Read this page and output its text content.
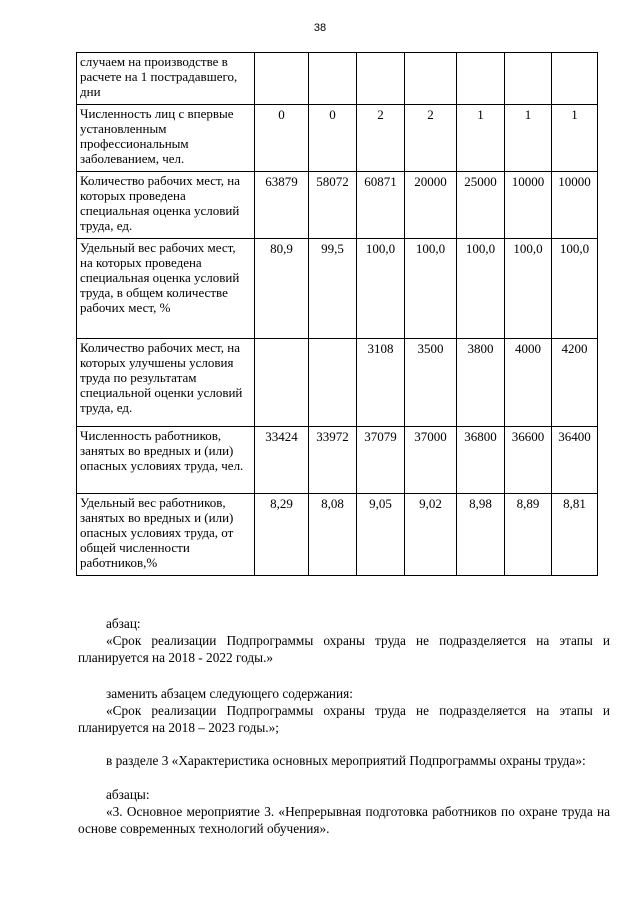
38
случаем на производстве в расчете на 1 пострадавшего, дни							
Численность лиц с впервые установленным профессиональным заболеванием, чел.	0	0	2	2	1	1	1
Количество рабочих мест, на которых проведена специальная оценка условий труда, ед.	63879	58072	60871	20000	25000	10000	10000
Удельный вес рабочих мест, на которых проведена специальная оценка условий труда, в общем количестве рабочих мест, %	80,9	99,5	100,0	100,0	100,0	100,0	100,0
Количество рабочих мест, на которых улучшены условия труда по результатам специальной оценки условий труда, ед.			3108	3500	3800	4000	4200
Численность работников, занятых во вредных и (или) опасных условиях труда, чел.	33424	33972	37079	37000	36800	36600	36400
Удельный вес работников, занятых во вредных и (или) опасных условиях труда, от общей численности работников,%	8,29	8,08	9,05	9,02	8,98	8,89	8,81
абзац:
«Срок реализации Подпрограммы охраны труда не подразделяется на этапы и планируется на 2018 - 2022 годы.»
заменить абзацем следующего содержания:
«Срок реализации Подпрограммы охраны труда не подразделяется на этапы и планируется на 2018 – 2023 годы.»;
в разделе 3 «Характеристика основных мероприятий Подпрограммы охраны труда»:
абзацы:
«3. Основное мероприятие 3. «Непрерывная подготовка работников по охране труда на основе современных технологий обучения».
